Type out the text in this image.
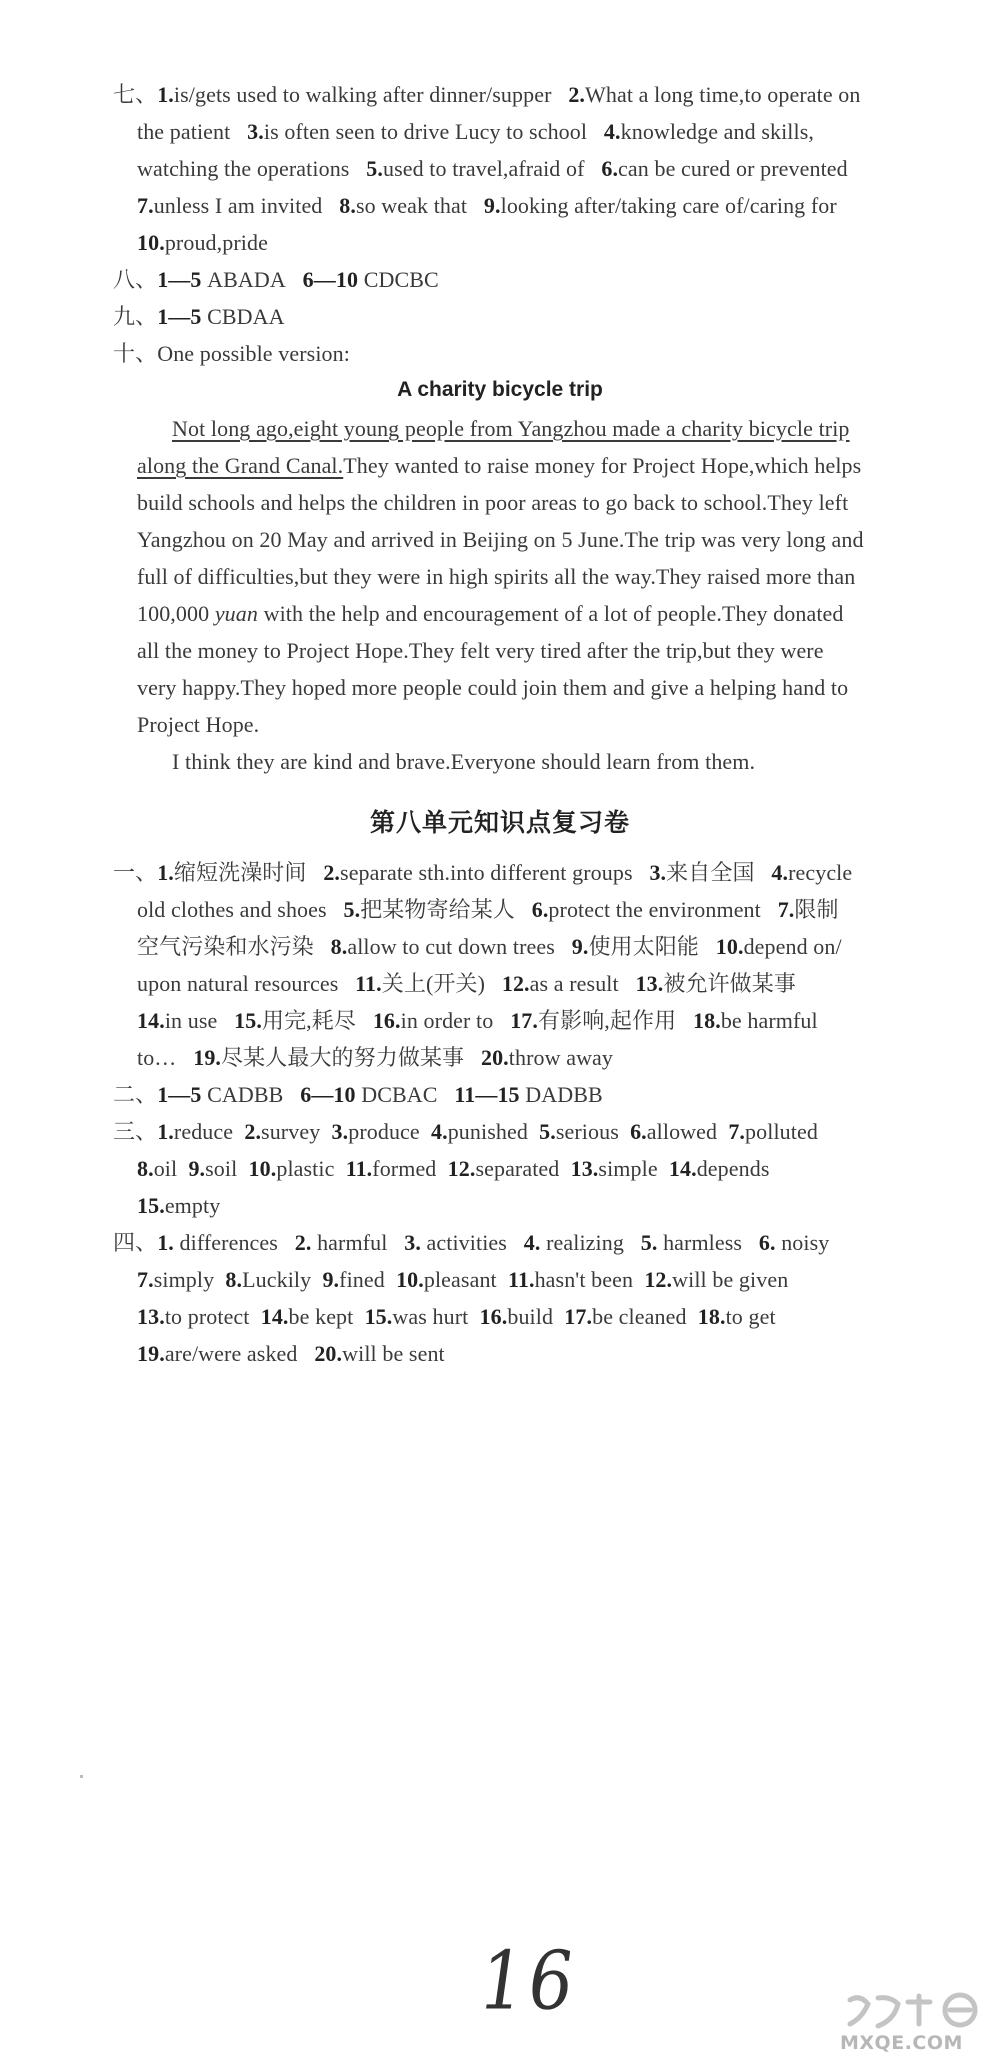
七、1.is/gets used to walking after dinner/supper 2.What a long time,to operate on
the patient 3.is often seen to drive Lucy to school 4.knowledge and skills,
watching the operations 5.used to travel,afraid of 6.can be cured or prevented
7.unless I am invited 8.so weak that 9.looking after/taking care of/caring for
10.proud,pride
八、1—5 ABADA 6—10 CDCBC
九、1—5 CBDAA
十、One possible version:
A charity bicycle trip
Not long ago,eight young people from Yangzhou made a charity bicycle trip
along the Grand Canal.They wanted to raise money for Project Hope,which helps
build schools and helps the children in poor areas to go back to school.They left
Yangzhou on 20 May and arrived in Beijing on 5 June.The trip was very long and
full of difficulties,but they were in high spirits all the way.They raised more than
100,000 yuan with the help and encouragement of a lot of people.They donated
all the money to Project Hope.They felt very tired after the trip,but they were
very happy.They hoped more people could join them and give a helping hand to
Project Hope.
I think they are kind and brave.Everyone should learn from them.
第八单元知识点复习卷
一、1.缩短洗澡时间 2.separate sth.into different groups 3.来自全国 4.recycle
old clothes and shoes 5.把某物寄给某人 6.protect the environment 7.限制
空气污染和水污染 8.allow to cut down trees 9.使用太阳能 10.depend on/
upon natural resources 11.关上(开关) 12.as a result 13.被允许做某事
14.in use 15.用完,耗尽 16.in order to 17.有影响,起作用 18.be harmful
to… 19.尽某人最大的努力做某事 20.throw away
二、1—5 CADBB 6—10 DCBAC 11—15 DADBB
三、1.reduce 2.survey 3.produce 4.punished 5.serious 6.allowed 7.polluted
8.oil 9.soil 10.plastic 11.formed 12.separated 13.simple 14.depends
15.empty
四、1. differences 2. harmful 3. activities 4. realizing 5. harmless 6. noisy
7.simply 8.Luckily 9.fined 10.pleasant 11.hasn't been 12.will be given
13.to protect 14.be kept 15.was hurt 16.build 17.be cleaned 18.to get
19.are/were asked 20.will be sent
16
MXQE.COM
